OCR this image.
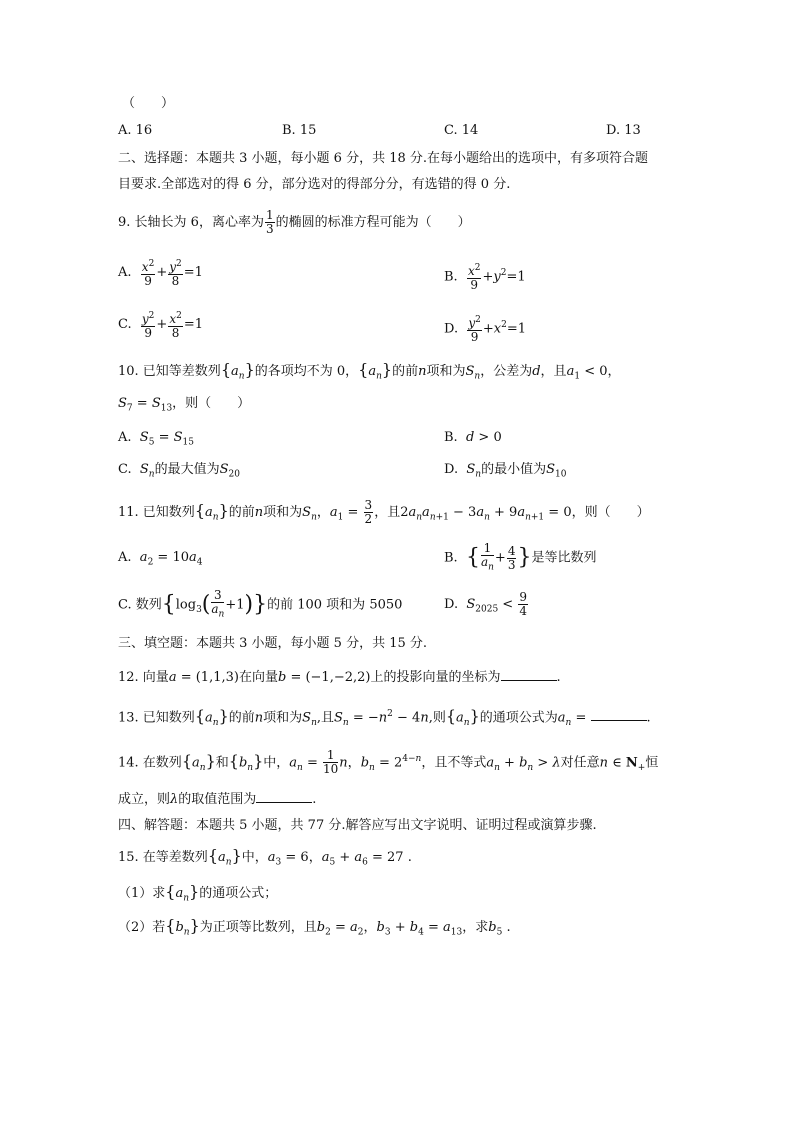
（　　）
A. 16	B. 15	C. 14	D. 13
二、选择题：本题共 3 小题，每小题 6 分，共 18 分.在每小题给出的选项中，有多项符合题
目要求.全部选对的得 6 分，部分选对的得部分分，有选错的得 0 分.
9. 长轴长为 6，离心率为 $\frac{1}{3}$ 的椭圆的标准方程可能为（　　）
A. $\frac{x^2}{9} + \frac{y^2}{8} =1$	B. $\frac{x^2}{9} +y^2=1$
C. $\frac{y^2}{9} + \frac{x^2}{8} =1$	D. $\frac{y^2}{9} +x^2=1$
10. 已知等差数列$\{a_n\}$的各项均不为 0，$\{a_n\}$的前n项和为$S_n$，公差为d，且$a_1 < 0$，
$S_7 = S_{13}$，则（　　）
A.  $S_5 = S_{15}$	B.  d > 0
C.  $S_n$的最大值为$S_{20}$	D.  $S_n$的最小值为$S_{10}$
11. 已知数列$\{a_n\}$的前n项和为$S_n$，$a_1 = \frac{3}{2}$ ，且$2a_na_{n+1} - 3a_n + 9a_{n+1} = 0$，则（　　）
A.  $a_2 = 10a_4$	B.  { $\frac{1}{a_n} + \frac{4}{3}$ }是等比数列
C. 数列$\{\log_3( \frac{3}{a_n} +1)\}$的前 100 项和为 5050	D.  $S_{2025} < \frac{9}{4}$
三、填空题：本题共 3 小题，每小题 5 分，共 15 分.
12. 向量a = (1,1,3)在向量b = (−1,−2,2)上的投影向量的坐标为	.
13. 已知数列$\{a_n\}$的前n项和为$S_n$,且$S_n = -n^2 - 4n$,则$\{a_n\}$的通项公式为$a_n$ =	.
14. 在数列$\{a_n\}$和$\{b_n\}$中，$a_n = \frac{1}{10}$ n，$b_n = 2^{4-n}$，且不等式$a_n + b_n > \lambda$对任意n ∈ $N_+$恒
成立，则λ的取值范围为	.
四、解答题：本题共 5 小题，共 77 分.解答应写出文字说明、证明过程或演算步骤.
15. 在等差数列$\{a_n\}$中，$a_3 = 6$，$a_5 + a_6 = 27$ .
（1）求$\{a_n\}$的通项公式；
（2）若$\{b_n\}$为正项等比数列，且$b_2 = a_2$，$b_3 + b_4 = a_{13}$，求$b_5$ .
